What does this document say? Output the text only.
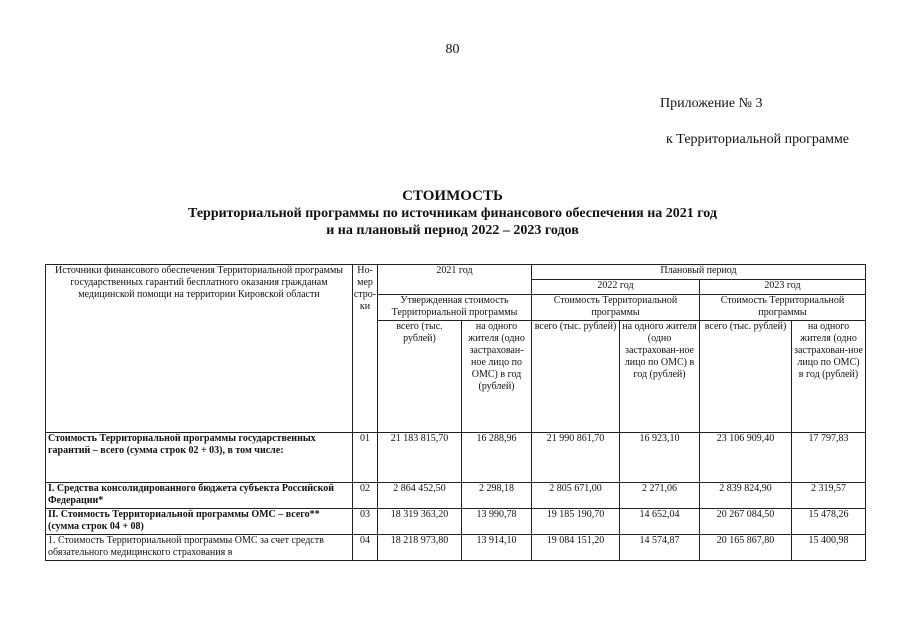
80
Приложение № 3
к Территориальной программе
СТОИМОСТЬ
Территориальной программы по источникам финансового обеспечения на 2021 год
и на плановый период 2022 – 2023 годов
Источники финансового обеспечения Территориальной программы государственных гарантий бесплатного оказания гражданам медицинской помощи на территории Кировской области	Но-мер стро-ки	2021 год		Плановый период			
				2022 год		2023 год	
		Утвержденная стоимость Территориальной программы		Стоимость Территориальной программы		Стоимость Территориальной программы	
		всего (тыс. рублей)	на одного жителя (одно застрахован-ное лицо по ОМС) в год (рублей)	всего (тыс. рублей)	на одного жителя (одно застрахован-ное лицо по ОМС) в год (рублей)	всего (тыс. рублей)	на одного жителя (одно застрахован-ное лицо по ОМС) в год (рублей)
Стоимость Территориальной программы государственных гарантий – всего (сумма строк 02 + 03), в том числе:	01	21 183 815,70	16 288,96	21 990 861,70	16 923,10	23 106 909,40	17 797,83
I. Средства консолидированного бюджета субъекта Российской Федерации*	02	2 864 452,50	2 298,18	2 805 671,00	2 271,06	2 839 824,90	2 319,57
II. Стоимость Территориальной программы ОМС – всего** (сумма строк 04 + 08)	03	18 319 363,20	13 990,78	19 185 190,70	14 652,04	20 267 084,50	15 478,26
1. Стоимость Территориальной программы ОМС за счет средств обязательного медицинского страхования в	04	18 218 973,80	13 914,10	19 084 151,20	14 574,87	20 165 867,80	15 400,98
